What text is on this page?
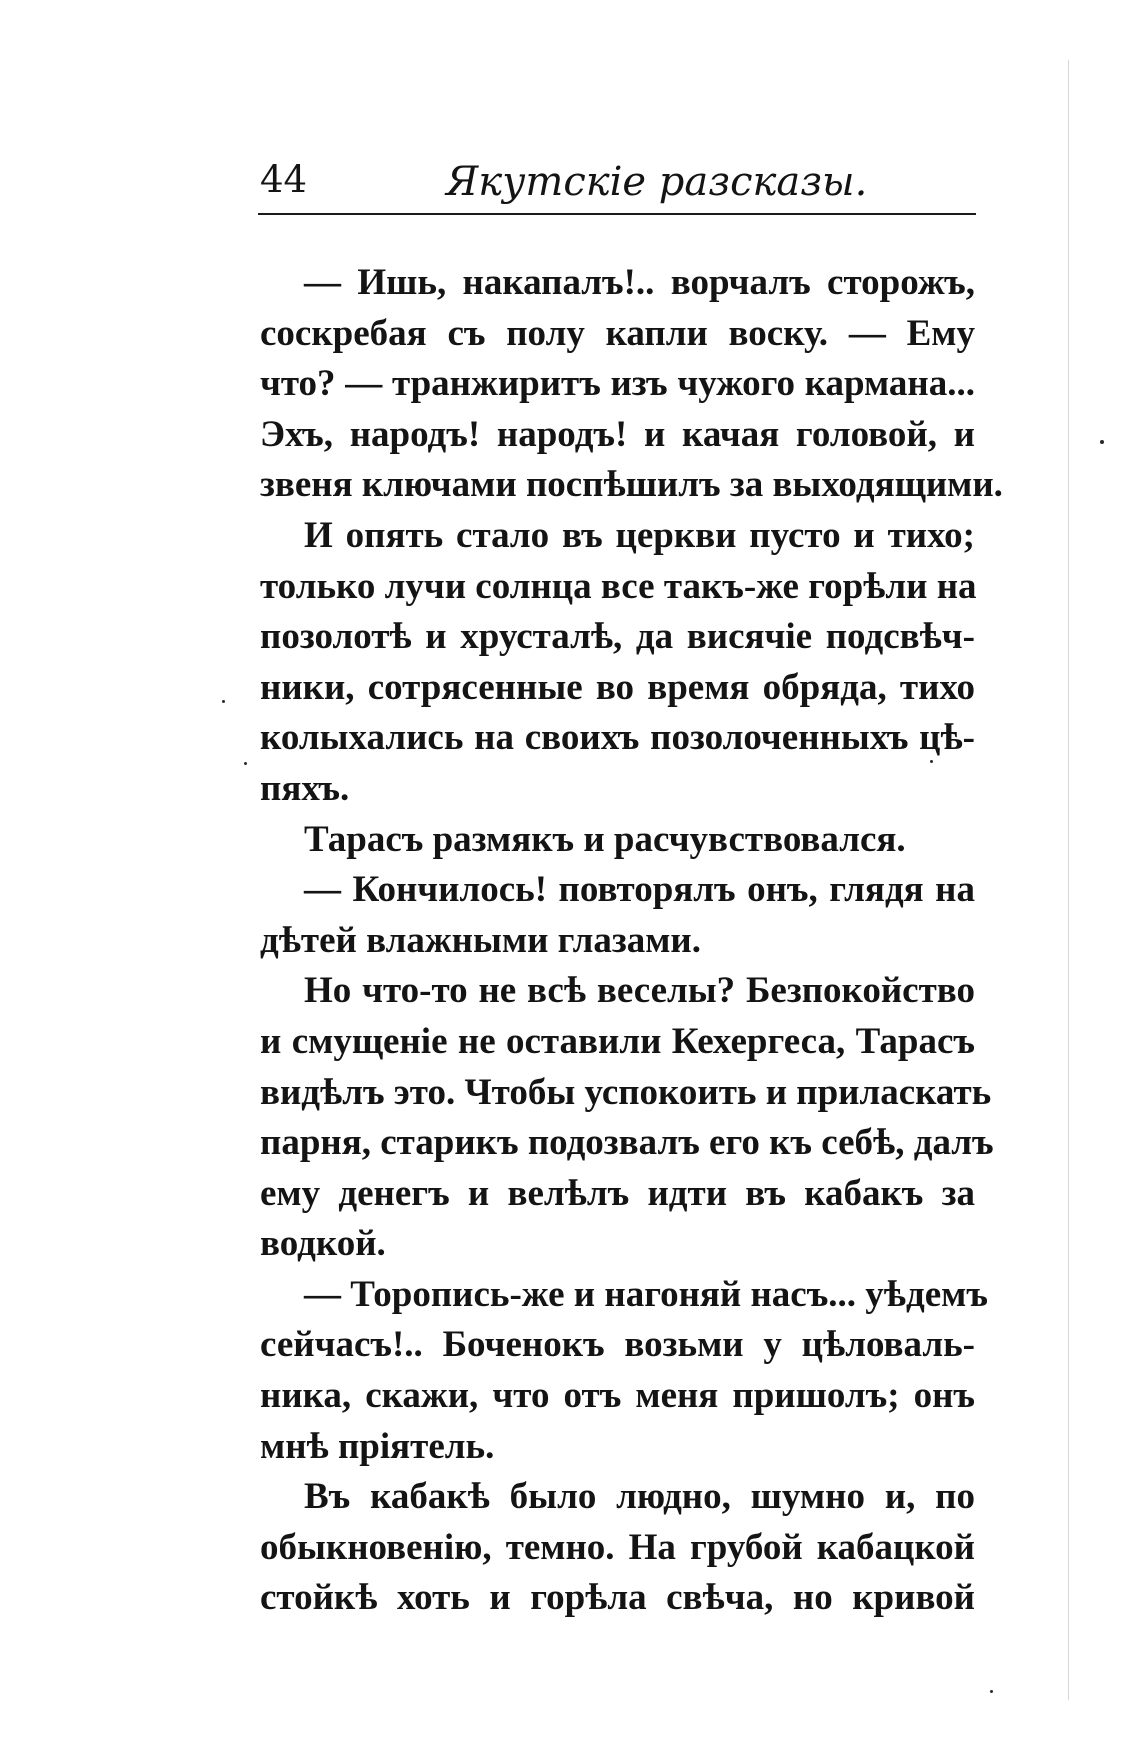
44	Якутскіе разсказы.
— Ишь, накапалъ!.. ворчалъ сторожъ,
соскребая съ полу капли воску. — Ему
что? — транжиритъ изъ чужого кармана...
Эхъ, народъ! народъ! и качая головой, и
звеня ключами поспѣшилъ за выходящими.
И опять стало въ церкви пусто и тихо;
только лучи солнца все такъ-же горѣли на
позолотѣ и хрусталѣ, да висячіе подсвѣч-
ники, сотрясенные во время обряда, тихо
колыхались на своихъ позолоченныхъ цѣ-
пяхъ.
Тарасъ размякъ и расчувствовался.
— Кончилось! повторялъ онъ, глядя на
дѣтей влажными глазами.
Но что-то не всѣ веселы? Безпокойство
и смущеніе не оставили Кехергеса, Тарасъ
видѣлъ это. Чтобы успокоить и приласкать
парня, старикъ подозвалъ его къ себѣ, далъ
ему денегъ и велѣлъ идти въ кабакъ за
водкой.
— Торопись-же и нагоняй насъ... уѣдемъ
сейчасъ!.. Боченокъ возьми у цѣловаль-
ника, скажи, что отъ меня пришолъ; онъ
мнѣ пріятель.
Въ кабакѣ было людно, шумно и, по
обыкновенію, темно. На грубой кабацкой
стойкѣ хоть и горѣла свѣча, но кривой
